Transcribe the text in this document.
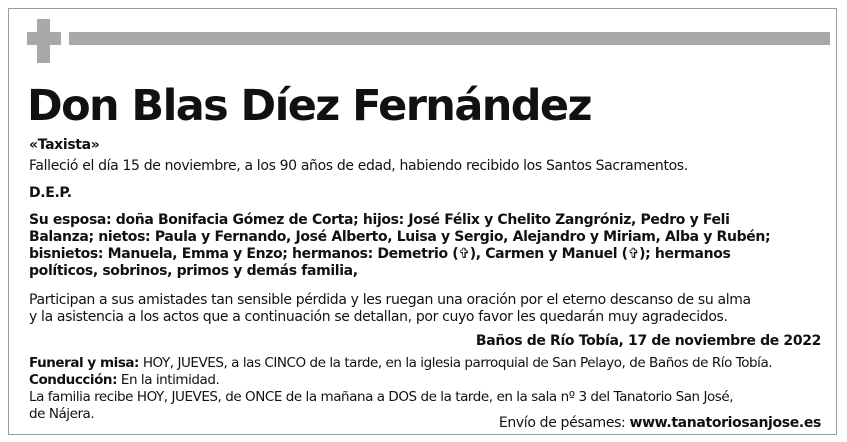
Don Blas Díez Fernández
«Taxista»
Falleció el día 15 de noviembre, a los 90 años de edad, habiendo recibido los Santos Sacramentos.
D.E.P.
Su esposa: doña Bonifacia Gómez de Corta; hijos: José Félix y Chelito Zangróniz, Pedro y Feli
Balanza; nietos: Paula y Fernando, José Alberto, Luisa y Sergio, Alejandro y Miriam, Alba y Rubén;
bisnietos: Manuela, Emma y Enzo; hermanos: Demetrio (✞), Carmen y Manuel (✞); hermanos
políticos, sobrinos, primos y demás familia,
Participan a sus amistades tan sensible pérdida y les ruegan una oración por el eterno descanso de su alma
y la asistencia a los actos que a continuación se detallan, por cuyo favor les quedarán muy agradecidos.
Baños de Río Tobía, 17 de noviembre de 2022
Funeral y misa: HOY, JUEVES, a las CINCO de la tarde, en la iglesia parroquial de San Pelayo, de Baños de Río Tobía.
Conducción: En la intimidad.
La familia recibe HOY, JUEVES, de ONCE de la mañana a DOS de la tarde, en la sala nº 3 del Tanatorio San José,
de Nájera.
Envío de pésames: www.tanatoriosanjose.es
